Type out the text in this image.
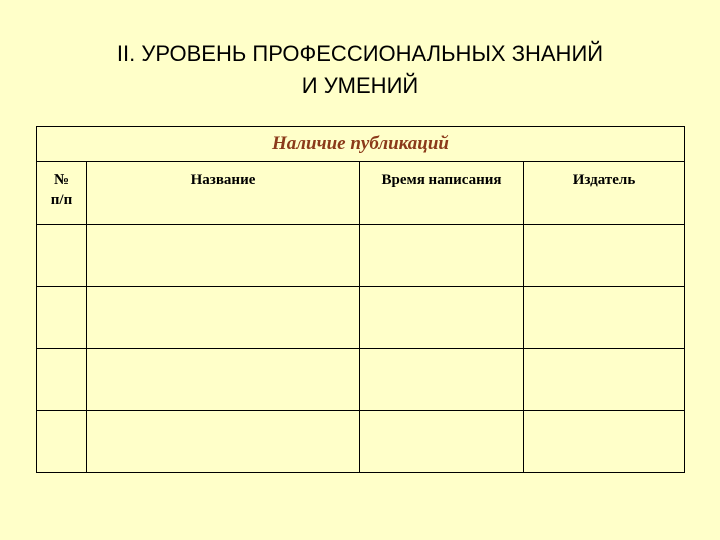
II. УРОВЕНЬ ПРОФЕССИОНАЛЬНЫХ ЗНАНИЙ
И УМЕНИЙ
Наличие публикаций			

№
п/п	Название	Время написания	Издатель
